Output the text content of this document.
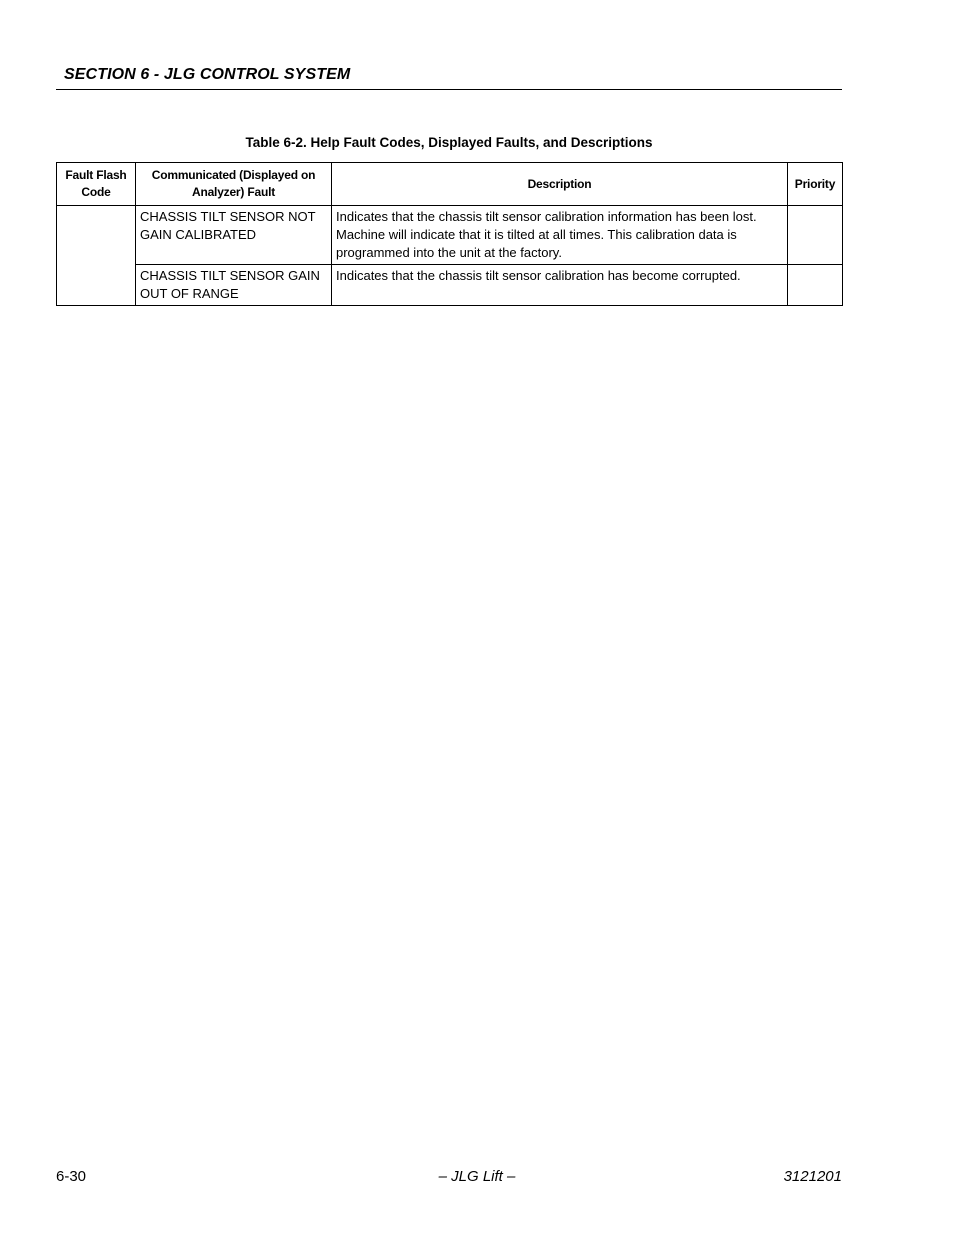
SECTION 6 - JLG CONTROL SYSTEM
Table 6-2. Help Fault Codes, Displayed Faults, and Descriptions
Fault Flash Code	Communicated (Displayed on Analyzer) Fault	Description	Priority
	CHASSIS TILT SENSOR NOT GAIN CALIBRATED	Indicates that the chassis tilt sensor calibration information has been lost. Machine will indicate that it is tilted at all times. This calibration data is programmed into the unit at the factory.	
	CHASSIS TILT SENSOR GAIN OUT OF RANGE	Indicates that the chassis tilt sensor calibration has become corrupted.	
6-30	– JLG Lift –	3121201
